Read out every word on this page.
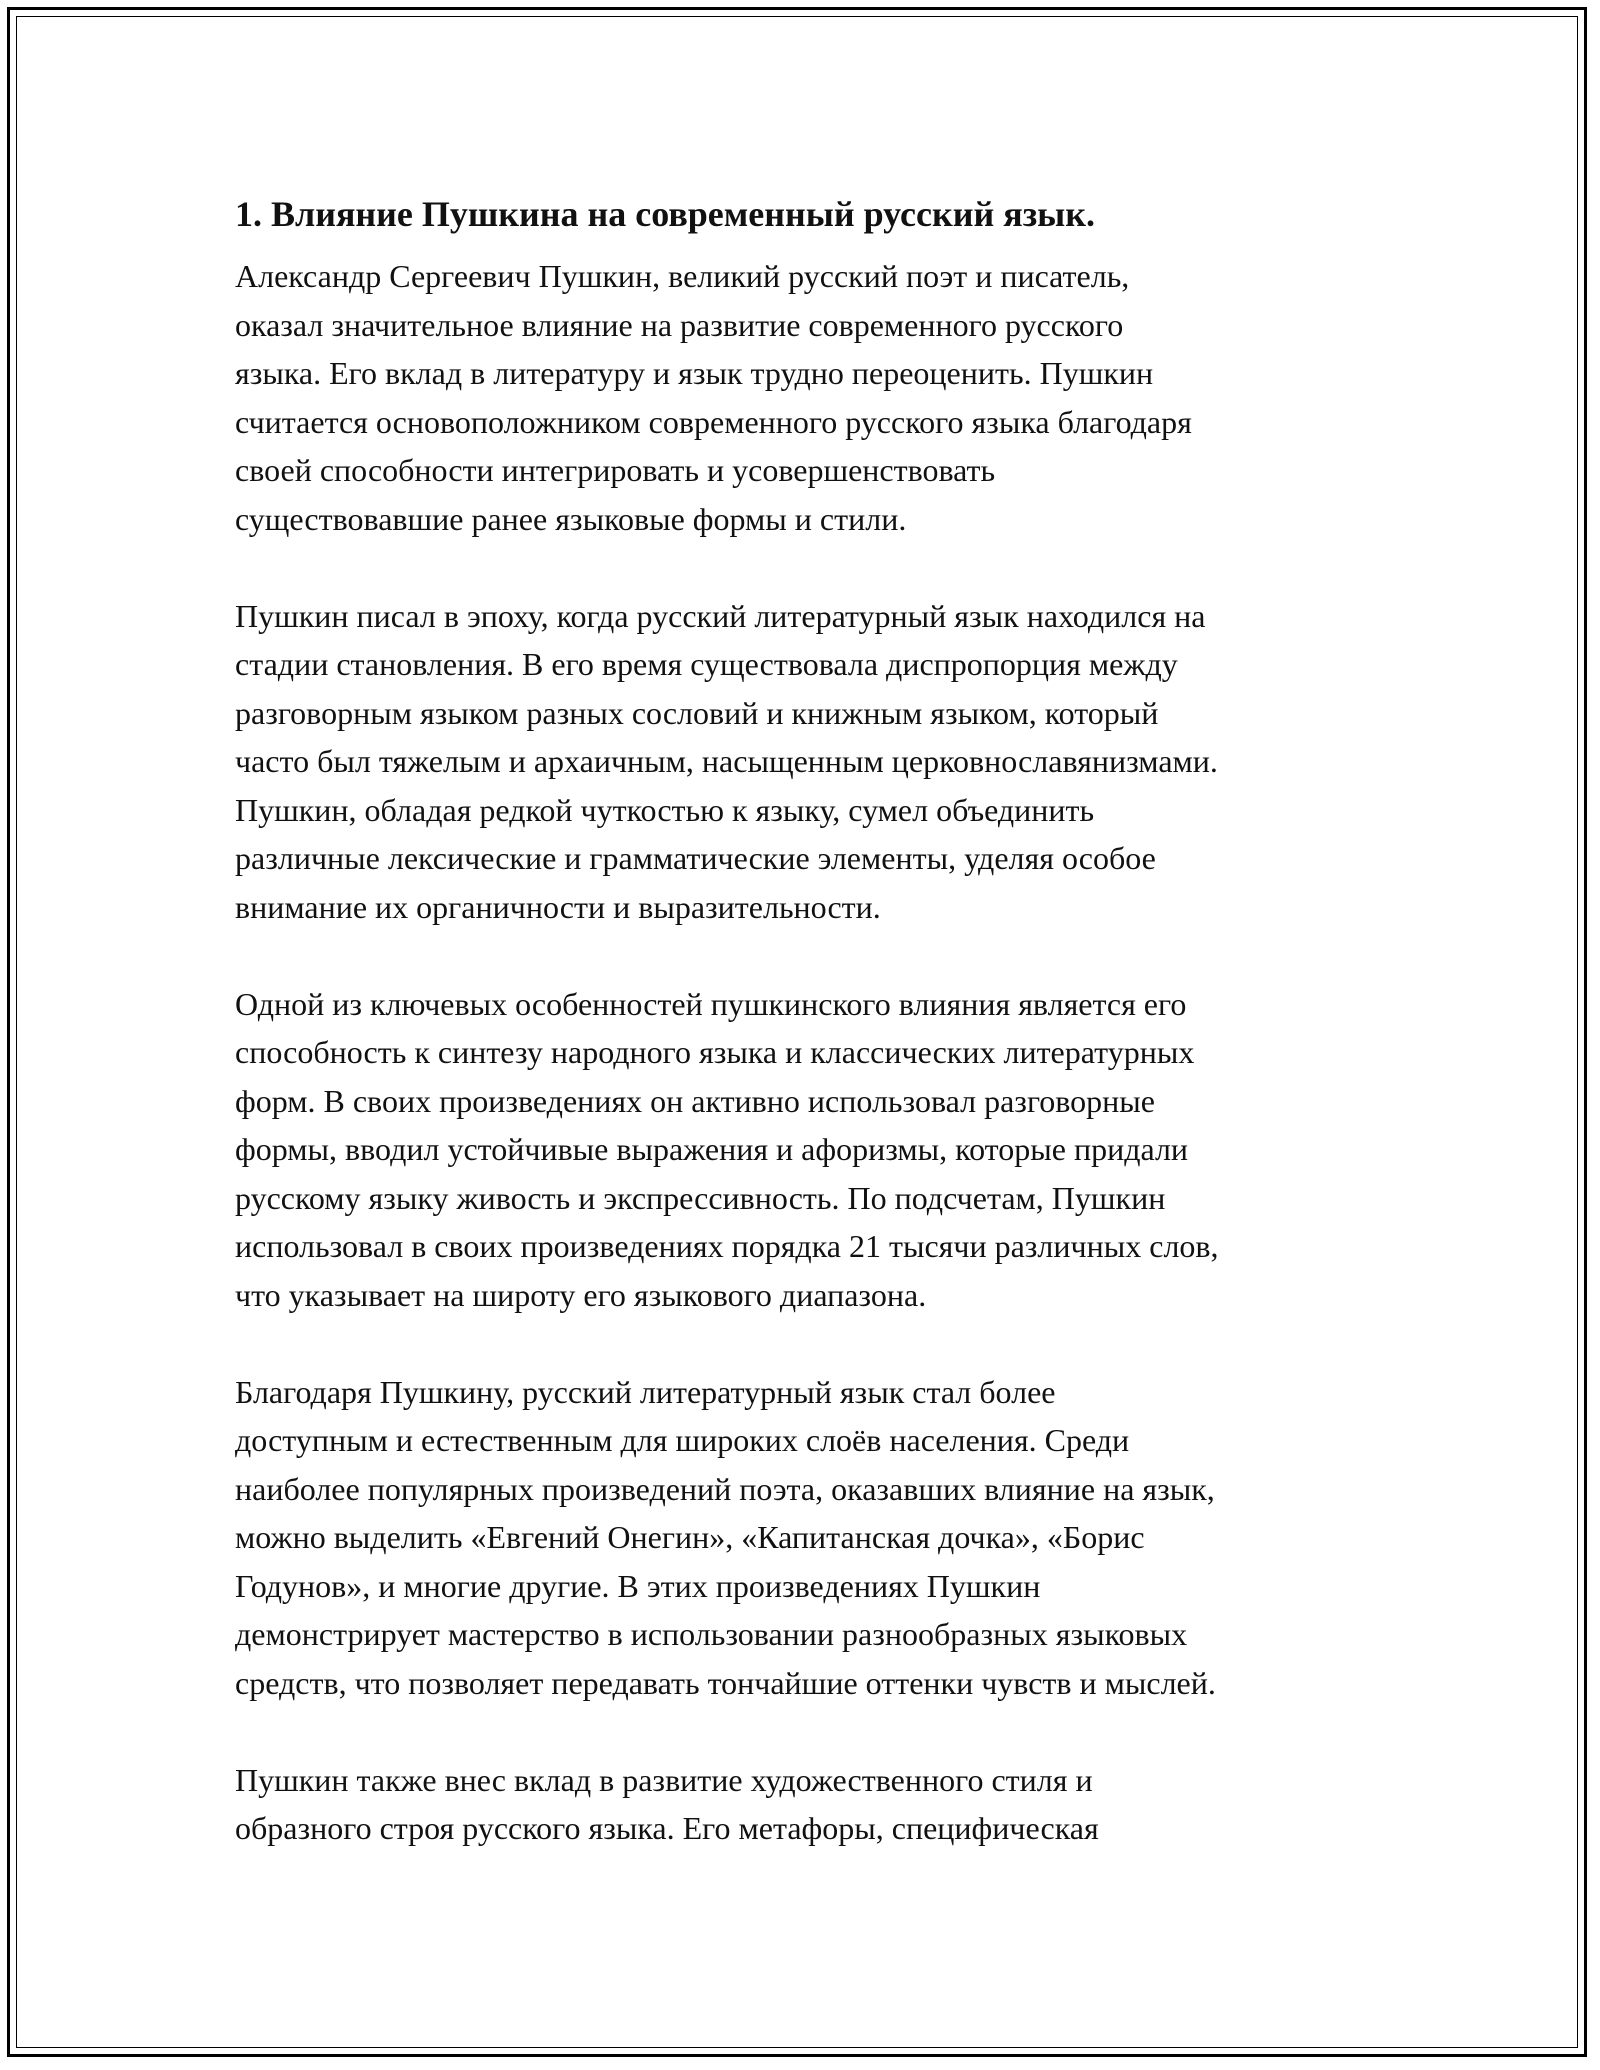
1. Влияние Пушкина на современный русский язык.

Александр Сергеевич Пушкин, великий русский поэт и писатель,
оказал значительное влияние на развитие современного русского
языка. Его вклад в литературу и язык трудно переоценить. Пушкин
считается основоположником современного русского языка благодаря
своей способности интегрировать и усовершенствовать
существовавшие ранее языковые формы и стили.

Пушкин писал в эпоху, когда русский литературный язык находился на
стадии становления. В его время существовала диспропорция между
разговорным языком разных сословий и книжным языком, который
часто был тяжелым и архаичным, насыщенным церковнославянизмами.
Пушкин, обладая редкой чуткостью к языку, сумел объединить
различные лексические и грамматические элементы, уделяя особое
внимание их органичности и выразительности.

Одной из ключевых особенностей пушкинского влияния является его
способность к синтезу народного языка и классических литературных
форм. В своих произведениях он активно использовал разговорные
формы, вводил устойчивые выражения и афоризмы, которые придали
русскому языку живость и экспрессивность. По подсчетам, Пушкин
использовал в своих произведениях порядка 21 тысячи различных слов,
что указывает на широту его языкового диапазона.

Благодаря Пушкину, русский литературный язык стал более
доступным и естественным для широких слоёв населения. Среди
наиболее популярных произведений поэта, оказавших влияние на язык,
можно выделить «Евгений Онегин», «Капитанская дочка», «Борис
Годунов», и многие другие. В этих произведениях Пушкин
демонстрирует мастерство в использовании разнообразных языковых
средств, что позволяет передавать тончайшие оттенки чувств и мыслей.

Пушкин также внес вклад в развитие художественного стиля и
образного строя русского языка. Его метафоры, специфическая
